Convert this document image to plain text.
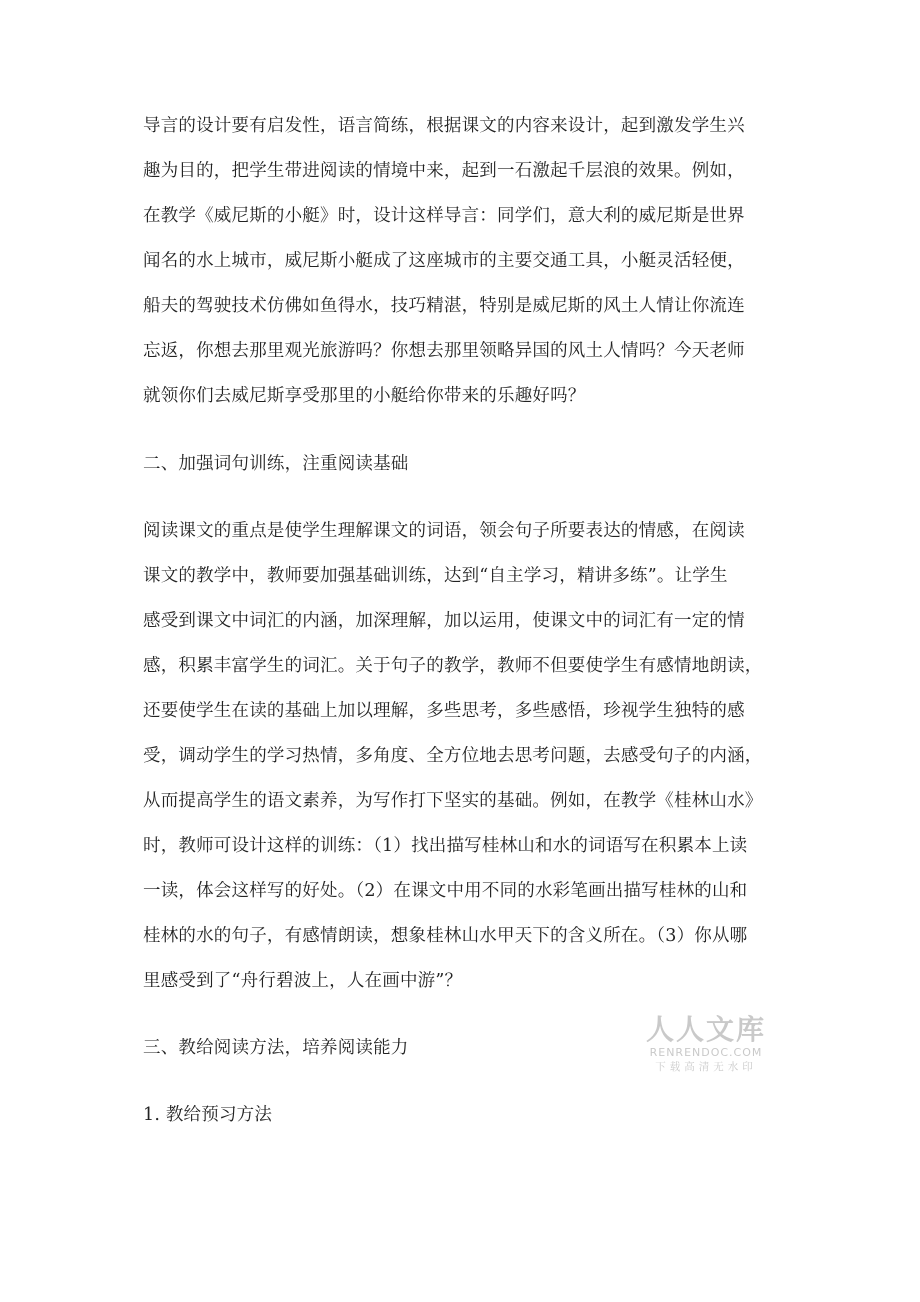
导言的设计要有启发性，语言简练，根据课文的内容来设计，起到激发学生兴
趣为目的，把学生带进阅读的情境中来，起到一石激起千层浪的效果。例如，
在教学《威尼斯的小艇》时，设计这样导言：同学们，意大利的威尼斯是世界
闻名的水上城市，威尼斯小艇成了这座城市的主要交通工具，小艇灵活轻便，
船夫的驾驶技术仿佛如鱼得水，技巧精湛，特别是威尼斯的风土人情让你流连
忘返，你想去那里观光旅游吗？你想去那里领略异国的风土人情吗？今天老师
就领你们去威尼斯享受那里的小艇给你带来的乐趣好吗？
二、加强词句训练，注重阅读基础
阅读课文的重点是使学生理解课文的词语，领会句子所要表达的情感，在阅读
课文的教学中，教师要加强基础训练，达到“自主学习，精讲多练”。让学生
感受到课文中词汇的内涵，加深理解，加以运用，使课文中的词汇有一定的情
感，积累丰富学生的词汇。关于句子的教学，教师不但要使学生有感情地朗读，
还要使学生在读的基础上加以理解，多些思考，多些感悟，珍视学生独特的感
受，调动学生的学习热情，多角度、全方位地去思考问题，去感受句子的内涵，
从而提高学生的语文素养，为写作打下坚实的基础。例如，在教学《桂林山水》
时，教师可设计这样的训练：（1）找出描写桂林山和水的词语写在积累本上读
一读，体会这样写的好处。（2）在课文中用不同的水彩笔画出描写桂林的山和
桂林的水的句子，有感情朗读，想象桂林山水甲天下的含义所在。（3）你从哪
里感受到了“舟行碧波上，人在画中游”？
三、教给阅读方法，培养阅读能力
1. 教给预习方法
人人文库
RENRENDOC.COM
下载高清无水印
